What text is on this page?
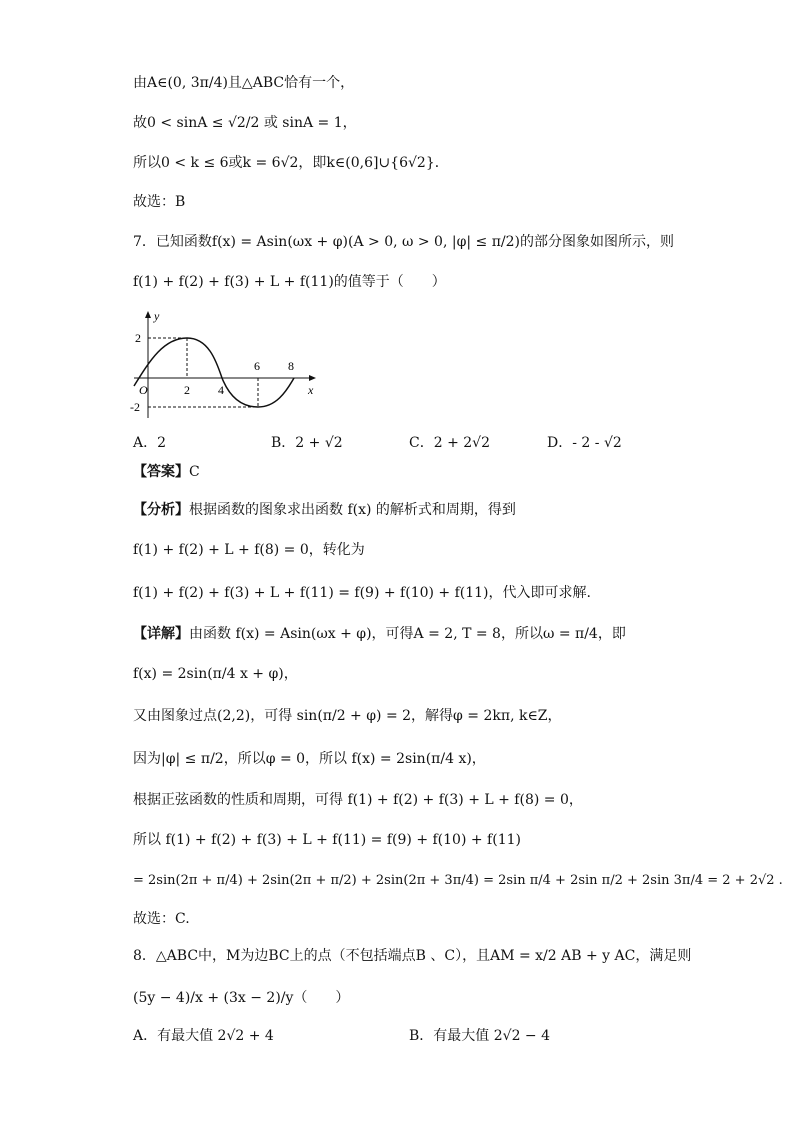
由A∈(0, 3π/4)且△ABC恰有一个，
故0 < sinA ≤ √2/2 或 sinA = 1，
所以0 < k ≤ 6或k = 6√2，即k∈(0,6]∪{6√2}．
故选：B
7．已知函数f(x) = Asin(ωx + φ)(A > 0, ω > 0, |φ| ≤ π/2)的部分图象如图所示，则
f(1) + f(2) + f(3) + L + f(11)的值等于（　　）
y
x
O
2
-2
2 4
6 8
A．2	B．2 + √2	C．2 + 2√2	D．- 2 - √2
【答案】C
【分析】根据函数的图象求出函数 f(x) 的解析式和周期，得到
f(1) + f(2) + L + f(8) = 0，转化为
f(1) + f(2) + f(3) + L + f(11) = f(9) + f(10) + f(11)，代入即可求解.
【详解】由函数 f(x) = Asin(ωx + φ)，可得A = 2, T = 8，所以ω = π/4，即
f(x) = 2sin(π/4 x + φ)，
又由图象过点(2,2)，可得 sin(π/2 + φ) = 2，解得φ = 2kπ, k∈Z，
因为|φ| ≤ π/2，所以φ = 0，所以 f(x) = 2sin(π/4 x)，
根据正弦函数的性质和周期，可得 f(1) + f(2) + f(3) + L + f(8) = 0，
所以 f(1) + f(2) + f(3) + L + f(11) = f(9) + f(10) + f(11)
= 2sin(2π + π/4) + 2sin(2π + π/2) + 2sin(2π + 3π/4) = 2sin π/4 + 2sin π/2 + 2sin 3π/4 = 2 + 2√2 .
故选：C.
8．△ABC中，M为边BC上的点（不包括端点B 、C），且AM = x/2 AB + y AC，满足则
(5y − 4)/x + (3x − 2)/y（　　）
A．有最大值 2√2 + 4	B．有最大值 2√2 − 4
